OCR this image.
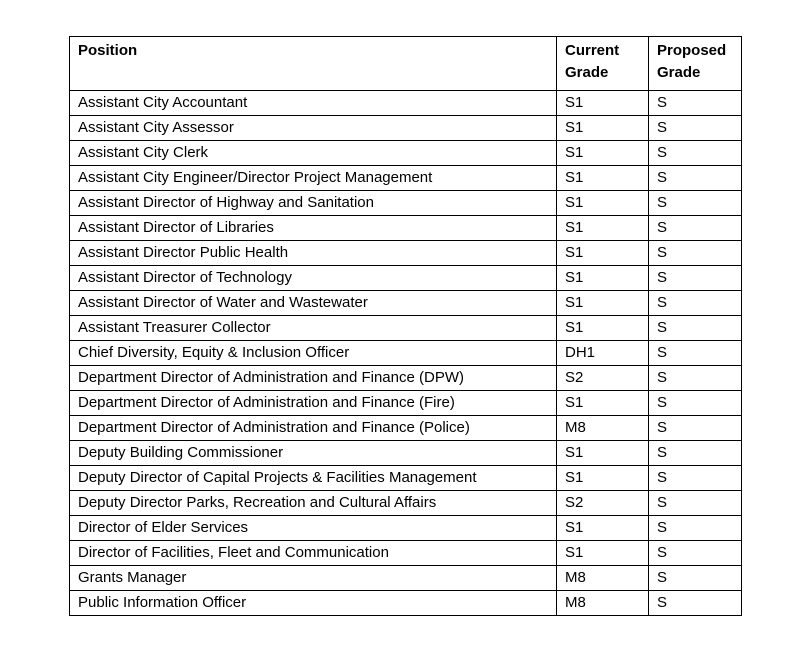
Position	Current Grade	Proposed Grade
Assistant City Accountant	S1	S
Assistant City Assessor	S1	S
Assistant City Clerk	S1	S
Assistant City Engineer/Director Project Management	S1	S
Assistant Director of Highway and Sanitation	S1	S
Assistant Director of Libraries	S1	S
Assistant Director Public Health	S1	S
Assistant Director of Technology	S1	S
Assistant Director of Water and Wastewater	S1	S
Assistant Treasurer Collector	S1	S
Chief Diversity, Equity & Inclusion Officer	DH1	S
Department Director of Administration and Finance (DPW)	S2	S
Department Director of Administration and Finance (Fire)	S1	S
Department Director of Administration and Finance (Police)	M8	S
Deputy Building Commissioner	S1	S
Deputy Director of Capital Projects & Facilities Management	S1	S
Deputy Director Parks, Recreation and Cultural Affairs	S2	S
Director of Elder Services	S1	S
Director of Facilities, Fleet and Communication	S1	S
Grants Manager	M8	S
Public Information Officer	M8	S
